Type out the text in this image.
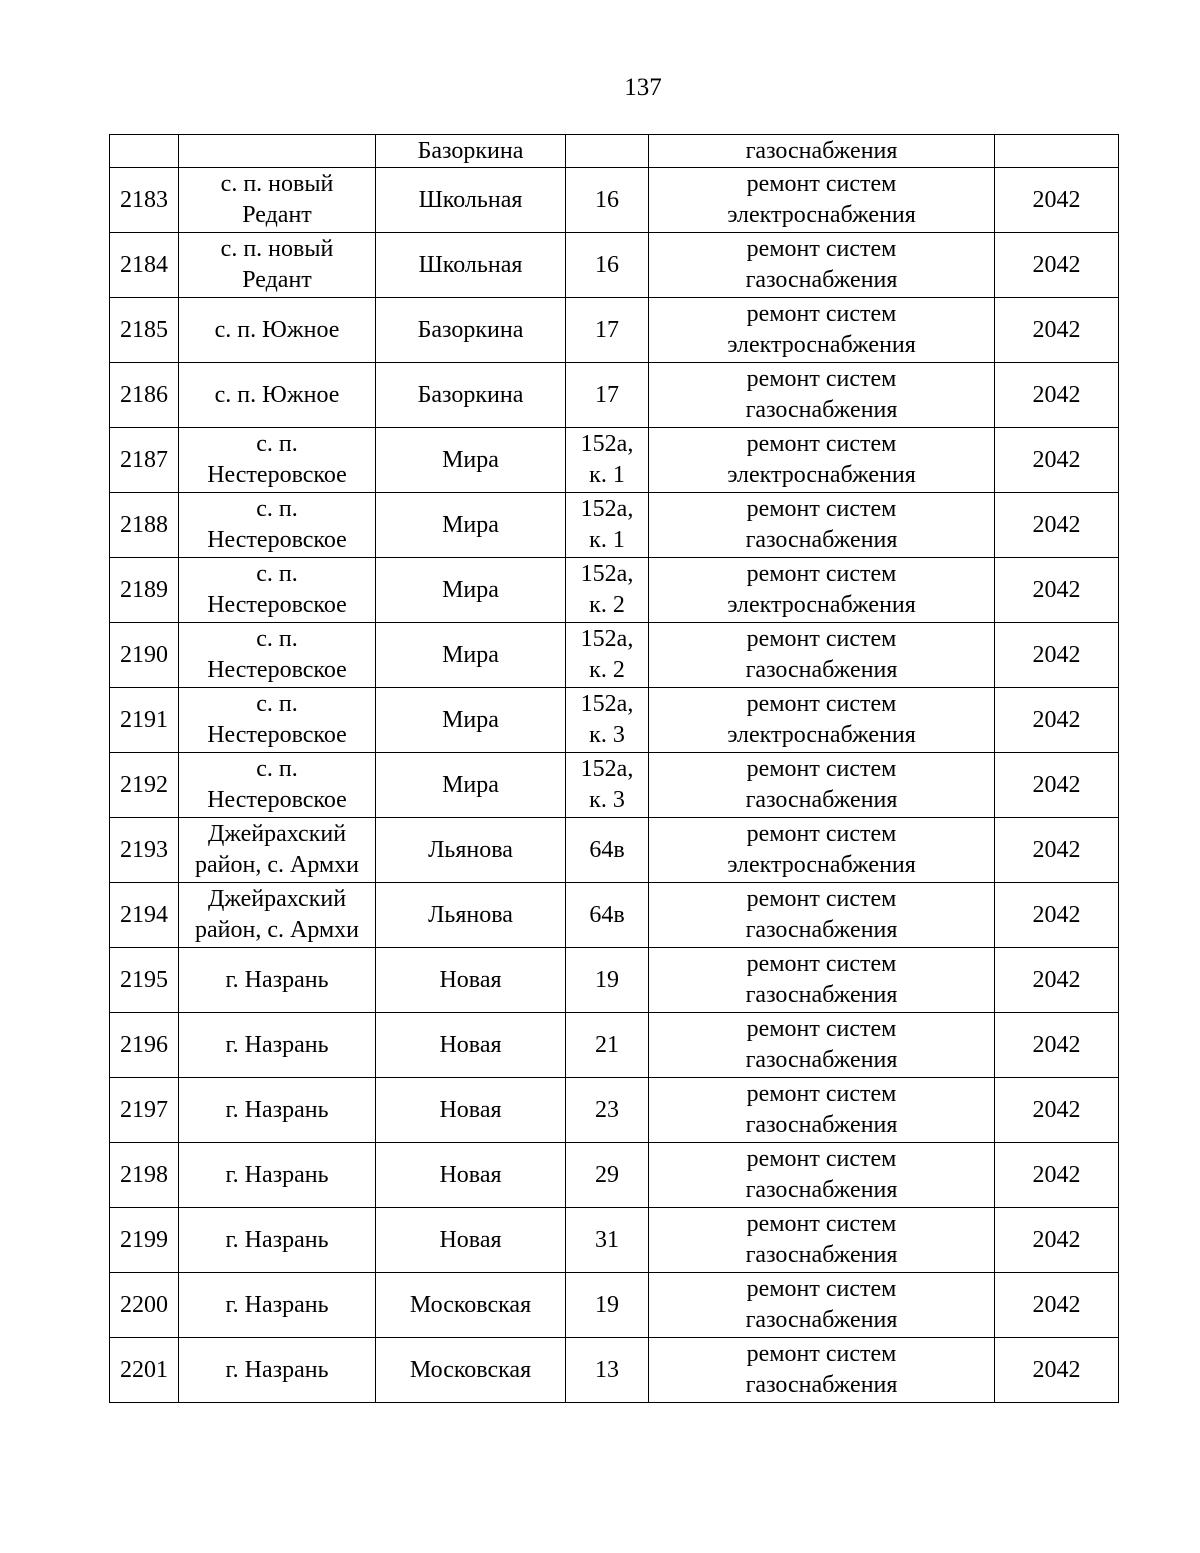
137
		Базоркина		газоснабжения	
2183	с. п. новый
Редант	Школьная	16	ремонт систем
электроснабжения	2042
2184	с. п. новый
Редант	Школьная	16	ремонт систем
газоснабжения	2042
2185	с. п. Южное	Базоркина	17	ремонт систем
электроснабжения	2042
2186	с. п. Южное	Базоркина	17	ремонт систем
газоснабжения	2042
2187	с. п.
Нестеровское	Мира	152а,
к. 1	ремонт систем
электроснабжения	2042
2188	с. п.
Нестеровское	Мира	152а,
к. 1	ремонт систем
газоснабжения	2042
2189	с. п.
Нестеровское	Мира	152а,
к. 2	ремонт систем
электроснабжения	2042
2190	с. п.
Нестеровское	Мира	152а,
к. 2	ремонт систем
газоснабжения	2042
2191	с. п.
Нестеровское	Мира	152а,
к. 3	ремонт систем
электроснабжения	2042
2192	с. п.
Нестеровское	Мира	152а,
к. 3	ремонт систем
газоснабжения	2042
2193	Джейрахский
район, с. Армхи	Льянова	64в	ремонт систем
электроснабжения	2042
2194	Джейрахский
район, с. Армхи	Льянова	64в	ремонт систем
газоснабжения	2042
2195	г. Назрань	Новая	19	ремонт систем
газоснабжения	2042
2196	г. Назрань	Новая	21	ремонт систем
газоснабжения	2042
2197	г. Назрань	Новая	23	ремонт систем
газоснабжения	2042
2198	г. Назрань	Новая	29	ремонт систем
газоснабжения	2042
2199	г. Назрань	Новая	31	ремонт систем
газоснабжения	2042
2200	г. Назрань	Московская	19	ремонт систем
газоснабжения	2042
2201	г. Назрань	Московская	13	ремонт систем
газоснабжения	2042
